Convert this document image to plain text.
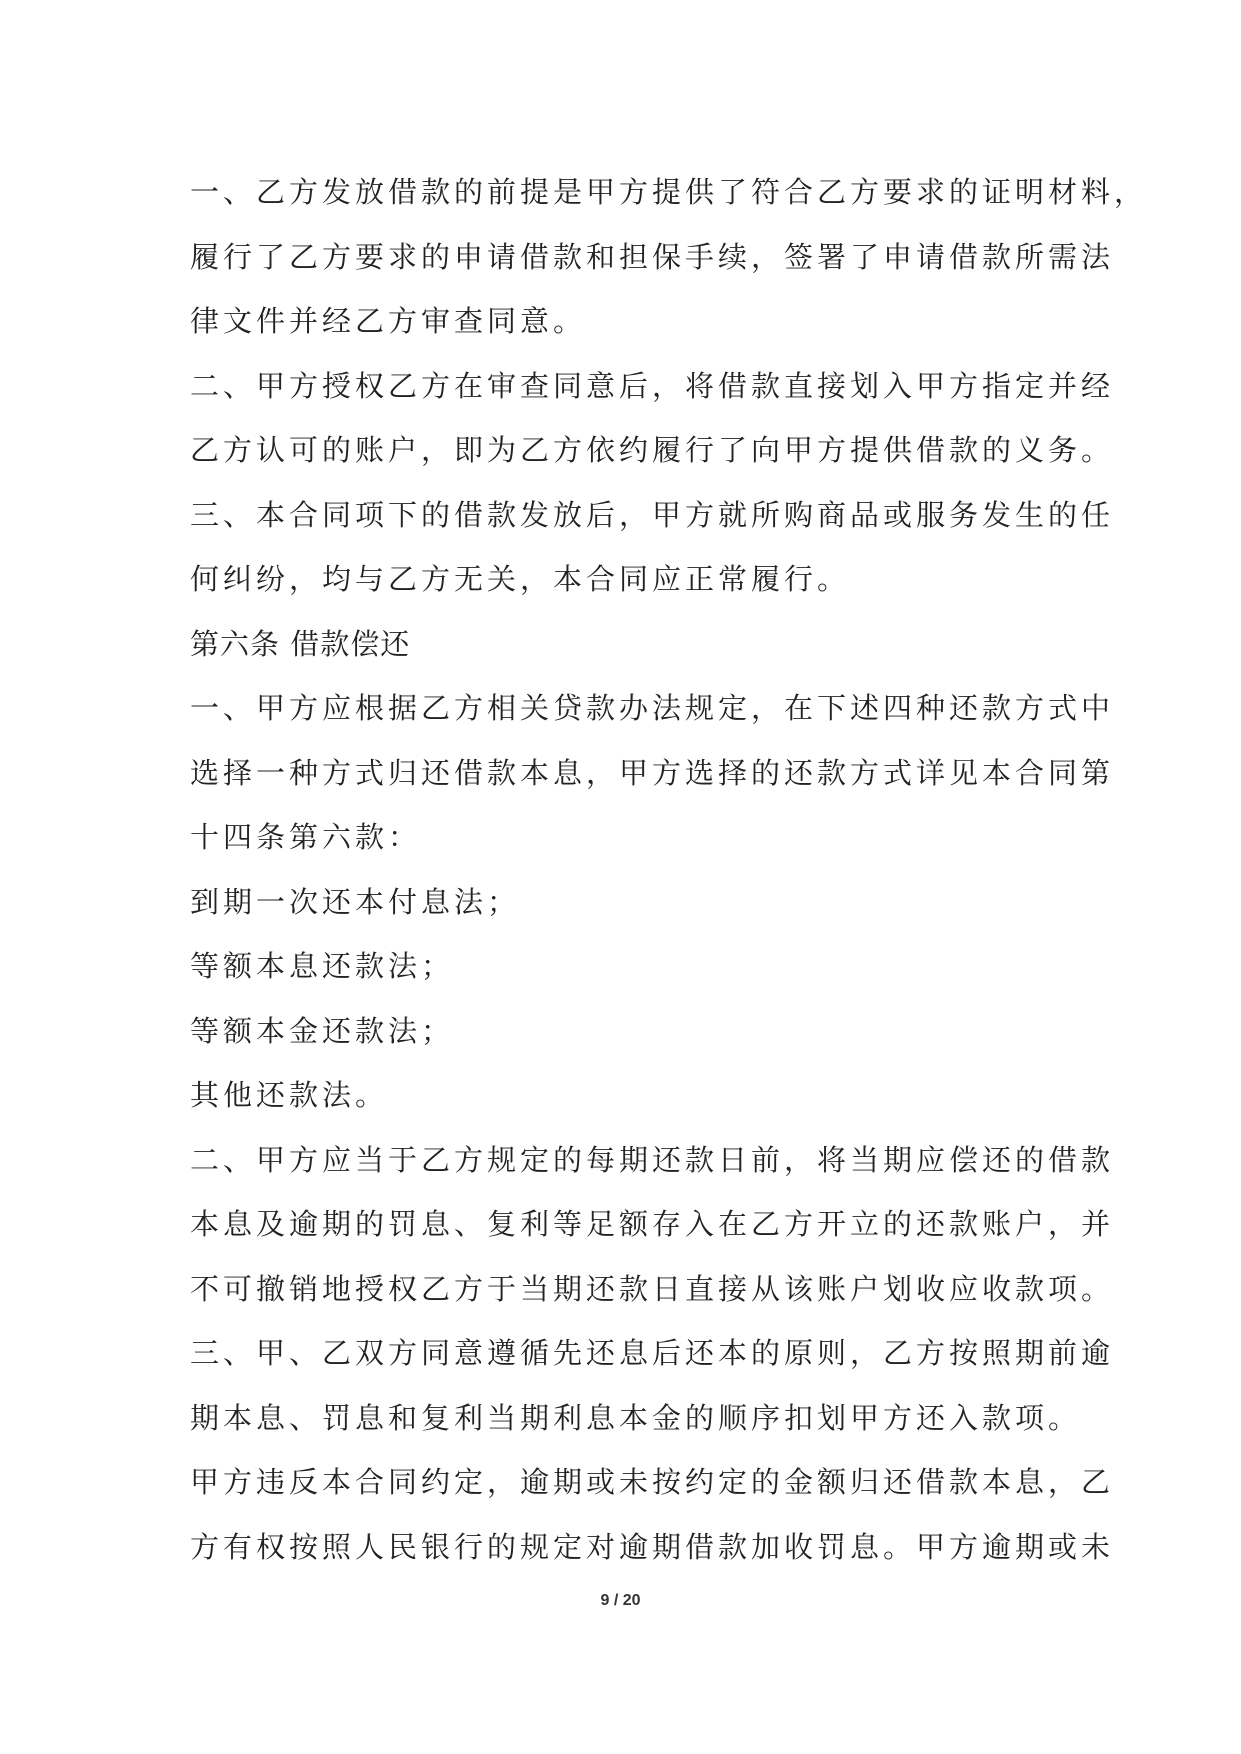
一、乙方发放借款的前提是甲方提供了符合乙方要求的证明材料，
履行了乙方要求的申请借款和担保手续，签署了申请借款所需法
律文件并经乙方审查同意。
二、甲方授权乙方在审查同意后，将借款直接划入甲方指定并经
乙方认可的账户，即为乙方依约履行了向甲方提供借款的义务。
三、本合同项下的借款发放后，甲方就所购商品或服务发生的任
何纠纷，均与乙方无关，本合同应正常履行。
第六条 借款偿还
一、甲方应根据乙方相关贷款办法规定，在下述四种还款方式中
选择一种方式归还借款本息，甲方选择的还款方式详见本合同第
十四条第六款：
到期一次还本付息法；
等额本息还款法；
等额本金还款法；
其他还款法。
二、甲方应当于乙方规定的每期还款日前，将当期应偿还的借款
本息及逾期的罚息、复利等足额存入在乙方开立的还款账户，并
不可撤销地授权乙方于当期还款日直接从该账户划收应收款项。
三、甲、乙双方同意遵循先还息后还本的原则，乙方按照期前逾
期本息、罚息和复利当期利息本金的顺序扣划甲方还入款项。
甲方违反本合同约定，逾期或未按约定的金额归还借款本息，乙
方有权按照人民银行的规定对逾期借款加收罚息。甲方逾期或未
9 / 20
